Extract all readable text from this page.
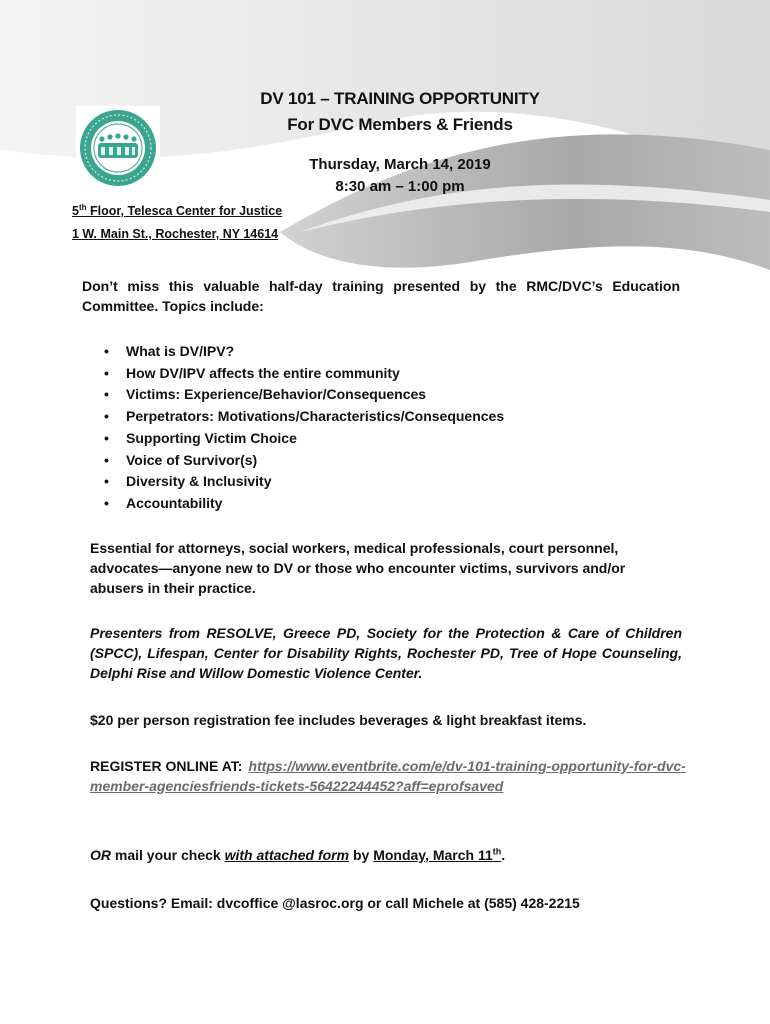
DV 101 – TRAINING OPPORTUNITY
For DVC Members & Friends
Thursday, March 14, 2019
8:30 am – 1:00 pm
5th Floor, Telesca Center for Justice
1 W. Main St., Rochester, NY 14614
Don’t miss this valuable half-day training presented by the RMC/DVC’s Education Committee. Topics include:
• What is DV/IPV?
• How DV/IPV affects the entire community
• Victims: Experience/Behavior/Consequences
• Perpetrators: Motivations/Characteristics/Consequences
• Supporting Victim Choice
• Voice of Survivor(s)
• Diversity & Inclusivity
• Accountability
Essential for attorneys, social workers, medical professionals, court personnel, advocates—anyone new to DV or those who encounter victims, survivors and/or abusers in their practice.
Presenters from RESOLVE, Greece PD, Society for the Protection & Care of Children (SPCC), Lifespan, Center for Disability Rights, Rochester PD, Tree of Hope Counseling, Delphi Rise and Willow Domestic Violence Center.
$20 per person registration fee includes beverages & light breakfast items.
REGISTER ONLINE AT: https://www.eventbrite.com/e/dv-101-training-opportunity-for-dvc-member-agenciesfriends-tickets-56422244452?aff=eprofsaved
OR mail your check with attached form by Monday, March 11th.
Questions? Email: dvcoffice @lasroc.org or call Michele at (585) 428-2215
